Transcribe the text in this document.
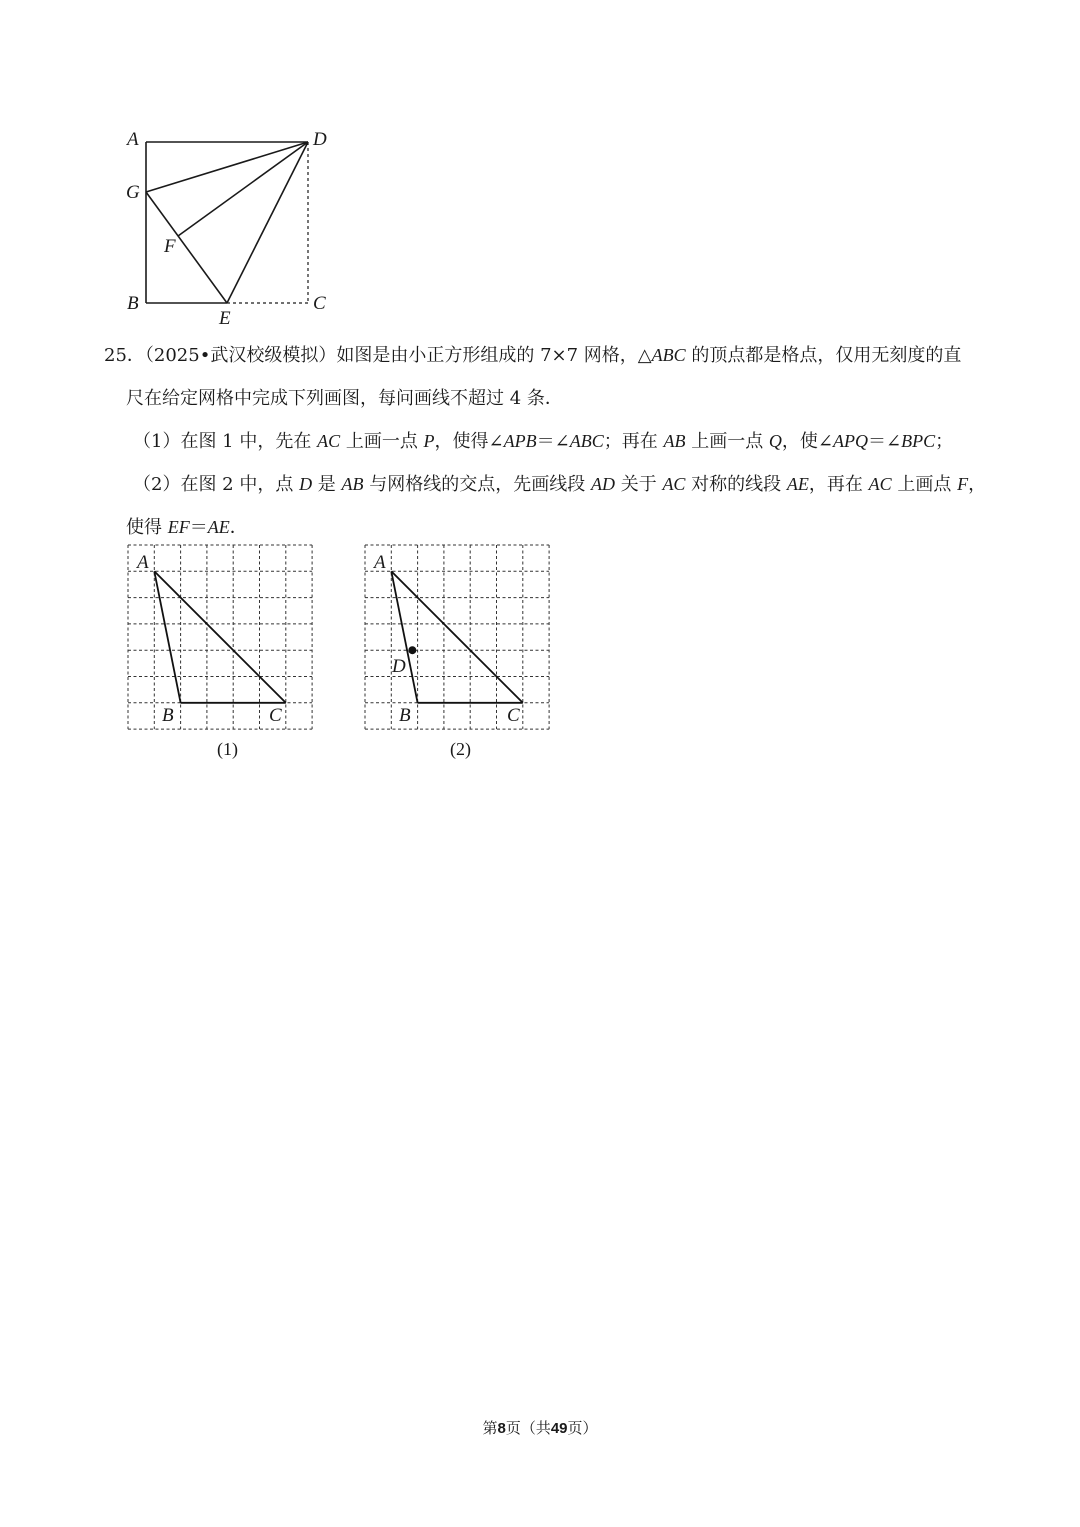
A	D
G
F
B
E
C

25．（2025•武汉校级模拟）如图是由小正方形组成的 7×7 网格，△ABC 的顶点都是格点，仅用无刻度的直

尺在给定网格中完成下列画图，每问画线不超过 4 条．

（1）在图 1 中，先在 AC 上画一点 P，使得∠APB＝∠ABC；再在 AB 上画一点 Q，使∠APQ＝∠BPC；

（2）在图 2 中，点 D 是 AB 与网格线的交点，先画线段 AD 关于 AC 对称的线段 AE，再在 AC 上画点 F，

使得 EF＝AE．

A
B	C
(1)
A
D
B	C
(2)
第8页（共49页）
